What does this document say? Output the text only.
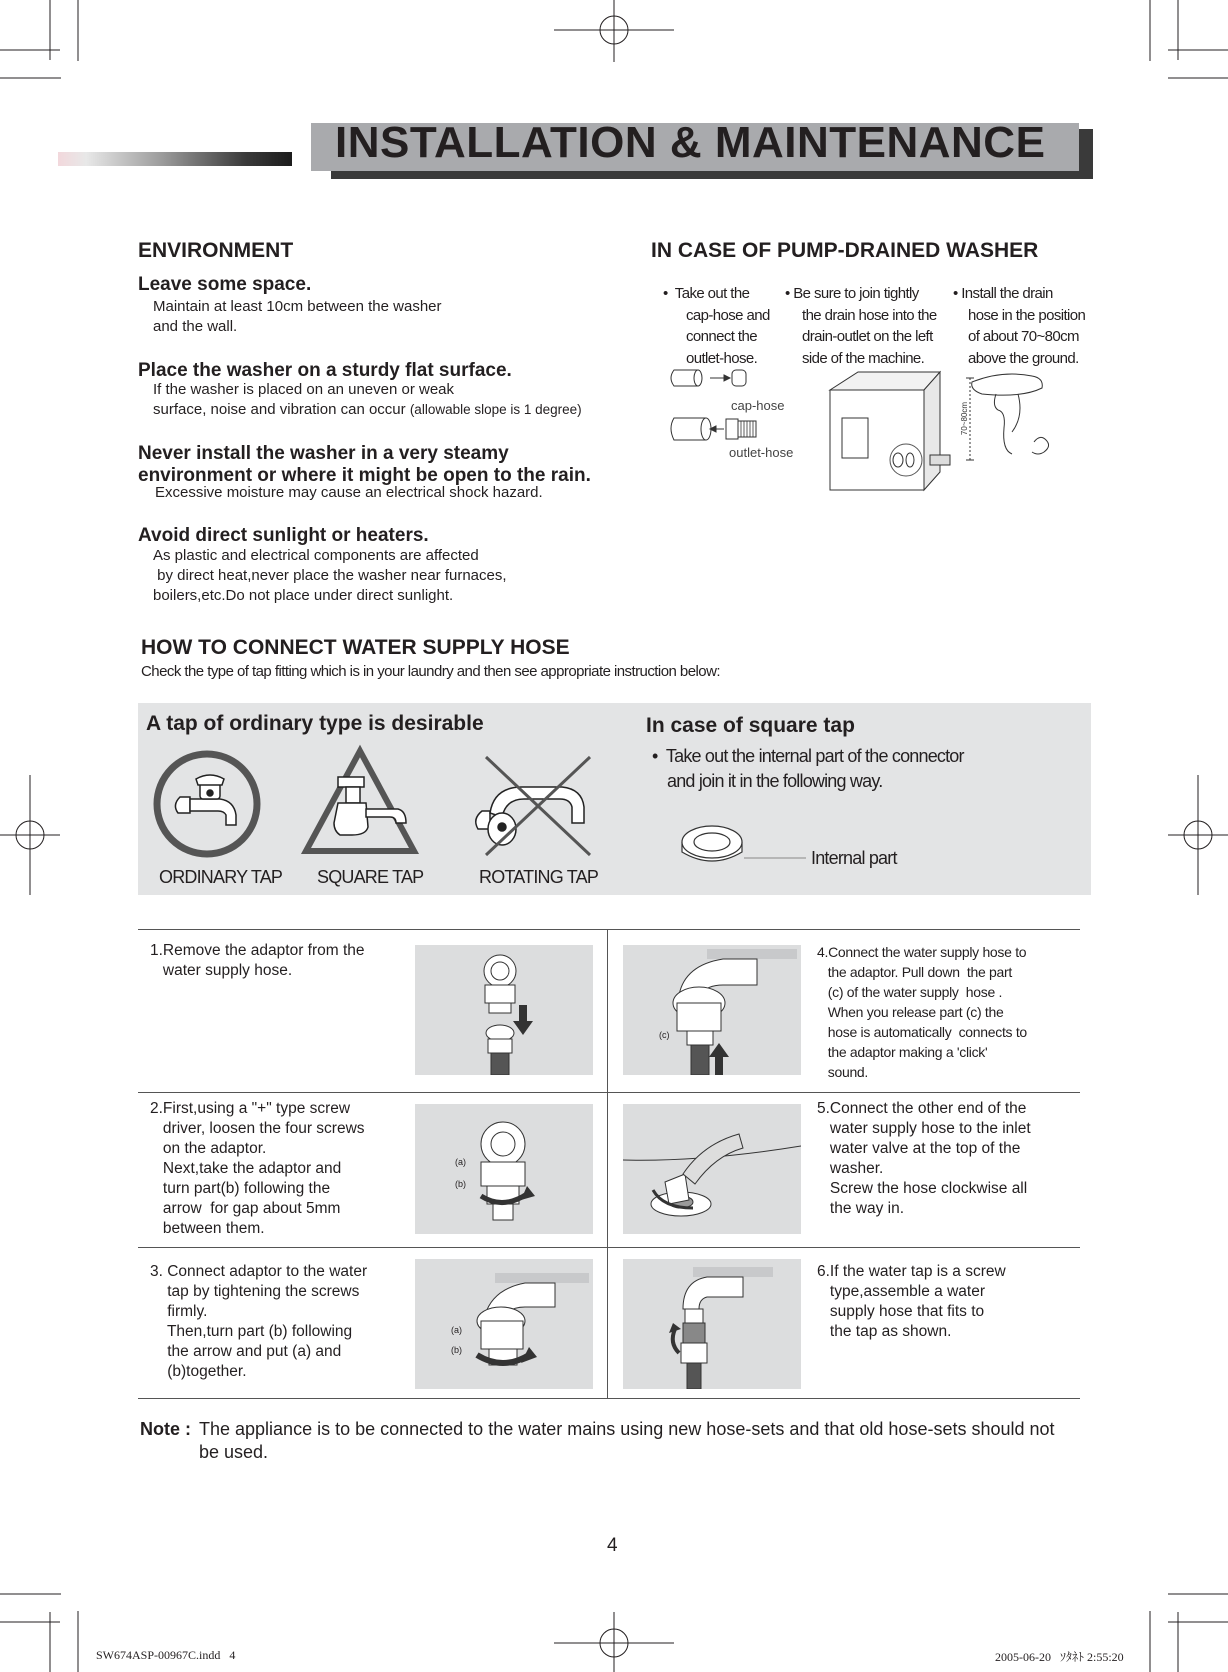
INSTALLATION & MAINTENANCE
ENVIRONMENT
Leave some space.
Maintain at least 10cm between the washer
and the wall.
Place the washer on a sturdy flat surface.
If the washer is placed on an uneven or weak
surface, noise and vibration can occur (allowable slope is 1 degree)
Never install the washer in a very steamy
environment or where it might be open to the rain.
Excessive moisture may cause an electrical shock hazard.
Avoid direct sunlight or heaters.
As plastic and electrical components are affected
by direct heat,never place the washer near furnaces,
boilers,etc.Do not place under direct sunlight.
IN CASE OF PUMP-DRAINED WASHER
•  Take out the
cap-hose and
connect the
outlet-hose.
• Be sure to join tightly
the drain hose into the
drain-outlet on the left
side of the machine.
• Install the drain
hose in the position
of about 70~80cm
above the ground.
cap-hose
outlet-hose
70~80cm
HOW TO CONNECT WATER SUPPLY HOSE
Check the type of tap fitting which is in your laundry and then see appropriate instruction below:
A tap of ordinary type is desirable	In case of square tap
•  Take out the internal part of the connector
and join it in the following way.
ORDINARY TAP SQUARE TAP	ROTATING TAP
Internal part
1.Remove the adaptor from the
water supply hose.
2.First,using a "+" type screw
driver, loosen the four screws
on the adaptor.
Next,take the adaptor and
turn part(b) following the
arrow  for gap about 5mm
between them.
(a)
(b)
3. Connect adaptor to the water
tap by tightening the screws
firmly.
Then,turn part (b) following
the arrow and put (a) and
(b)together.
(a)
(b)
(c)
4.Connect the water supply hose to
the adaptor. Pull down  the part
(c) of the water supply  hose .
When you release part (c) the
hose is automatically  connects to
the adaptor making a 'click'
sound.
5.Connect the other end of the
water supply hose to the inlet
water valve at the top of the
washer.
Screw the hose clockwise all
the way in.
6.If the water tap is a screw
type,assemble a water
supply hose that fits to
the tap as shown.
Note : The appliance is to be connected to the water mains using new hose-sets and that old hose-sets should not
be used.
4
SW674ASP-00967C.indd   4	2005-06-20   ｿﾀﾈﾄ 2:55:20
